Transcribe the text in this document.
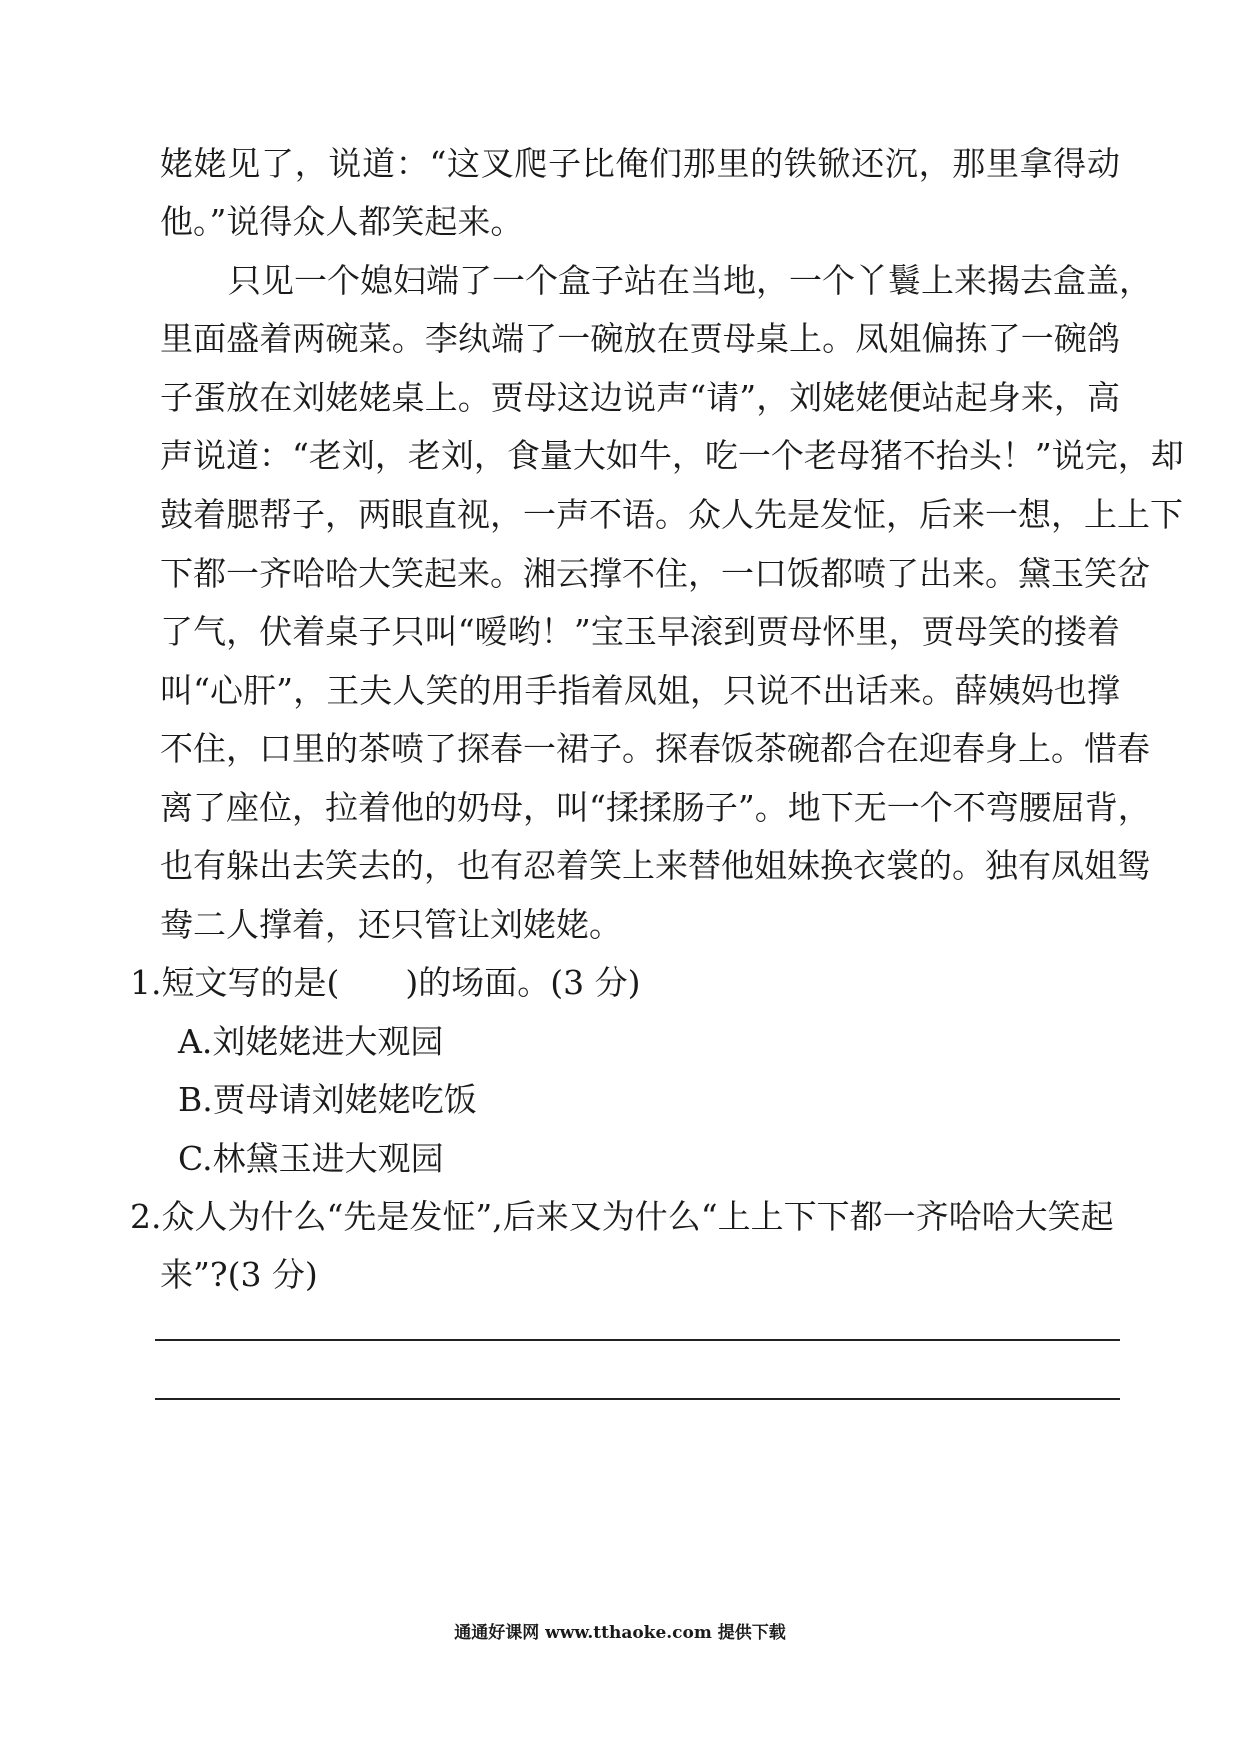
姥姥见了，说道：“这叉爬子比俺们那里的铁锨还沉，那里拿得动
他。”说得众人都笑起来。
只见一个媳妇端了一个盒子站在当地，一个丫鬟上来揭去盒盖，
里面盛着两碗菜。李纨端了一碗放在贾母桌上。凤姐偏拣了一碗鸽
子蛋放在刘姥姥桌上。贾母这边说声“请”，刘姥姥便站起身来，高
声说道：“老刘，老刘，食量大如牛，吃一个老母猪不抬头！”说完，却
鼓着腮帮子，两眼直视，一声不语。众人先是发怔，后来一想，上上下
下都一齐哈哈大笑起来。湘云撑不住，一口饭都喷了出来。黛玉笑岔
了气，伏着桌子只叫“嗳哟！”宝玉早滚到贾母怀里，贾母笑的搂着
叫“心肝”，王夫人笑的用手指着凤姐，只说不出话来。薛姨妈也撑
不住，口里的茶喷了探春一裙子。探春饭茶碗都合在迎春身上。惜春
离了座位，拉着他的奶母，叫“揉揉肠子”。地下无一个不弯腰屈背，
也有躲出去笑去的，也有忍着笑上来替他姐妹换衣裳的。独有凤姐鸳
鸯二人撑着，还只管让刘姥姥。
1.短文写的是(　　)的场面。(3 分)
A.刘姥姥进大观园
B.贾母请刘姥姥吃饭
C.林黛玉进大观园
2.众人为什么“先是发怔”,后来又为什么“上上下下都一齐哈哈大笑起
来”?(3 分)
通通好课网 www.tthaoke.com 提供下载
